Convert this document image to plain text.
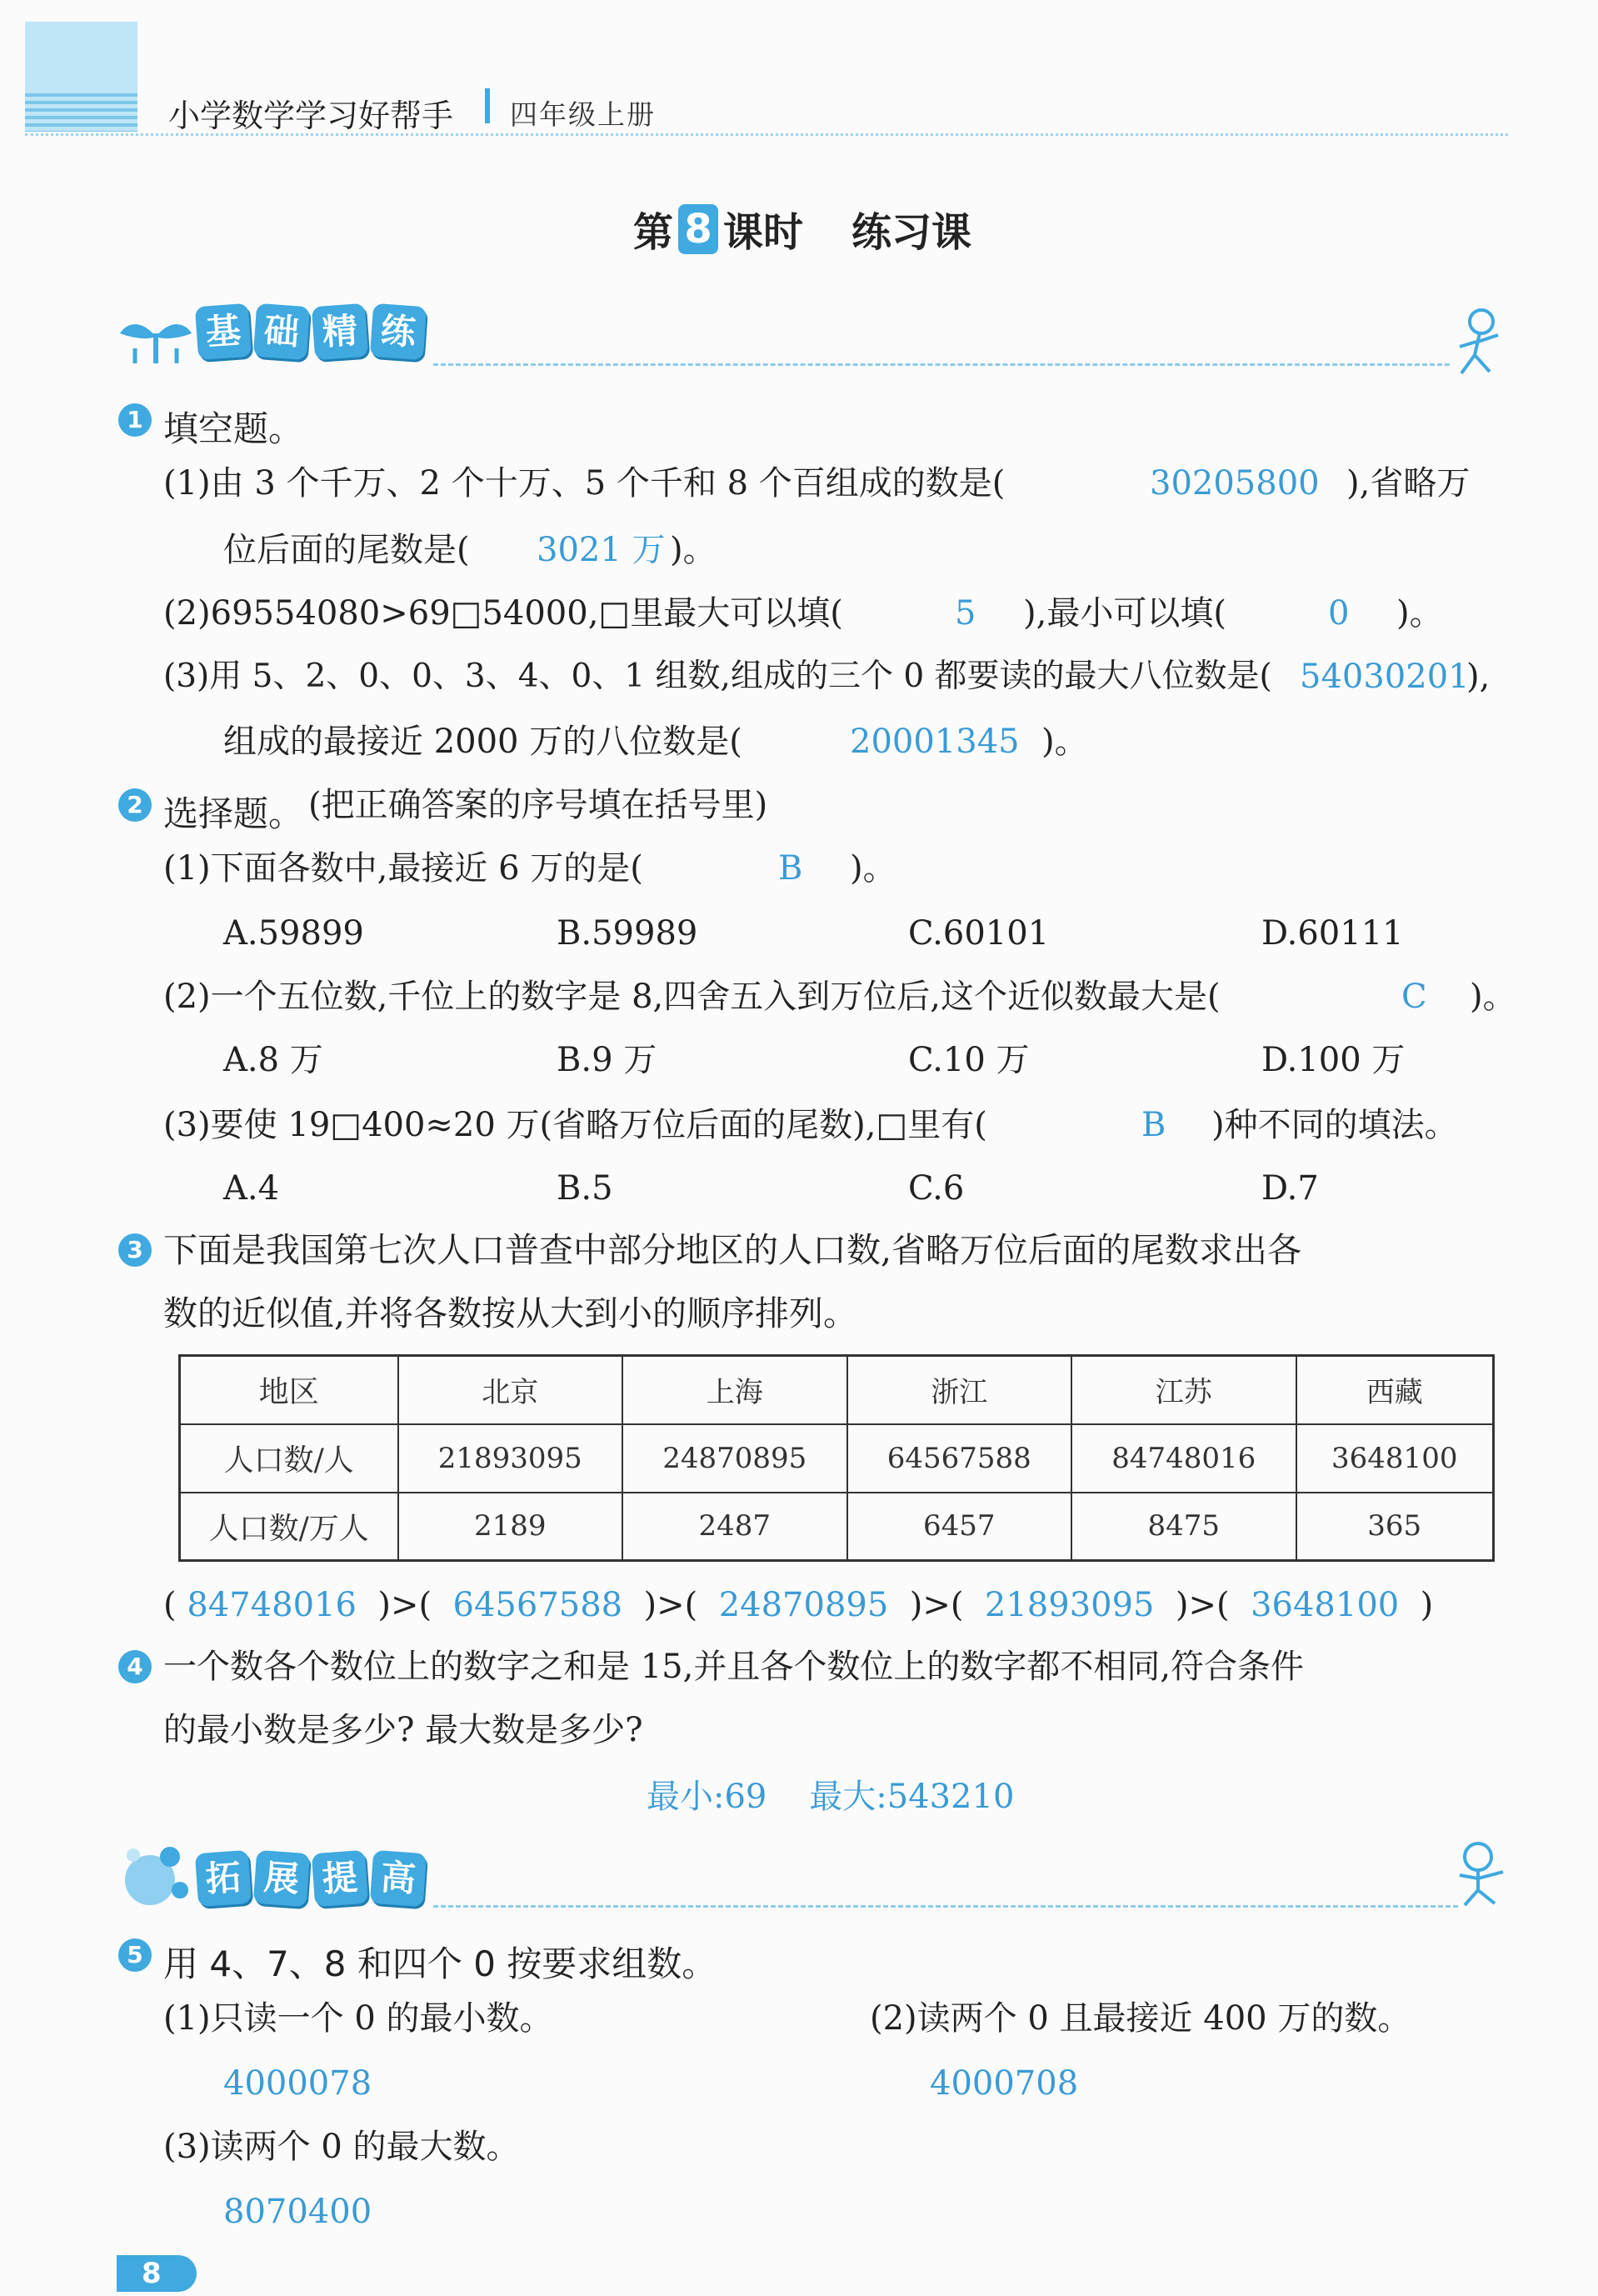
小学数学学习好帮手 四年级上册
第 8 课时 练习课
基 础 精 练
1 填空题。
(1)由 3 个千万、2 个十万、5 个千和 8 个百组成的数是(	30205800 ),省略万
位后面的尾数是( 3021 万 )。
(2)69554080>69□54000,□里最大可以填(	5 ),最小可以填(	0 )。
(3)用 5、2、0、0、3、4、0、1 组数,组成的三个 0 都要读的最大八位数是( 54030201
),
组成的最接近 2000 万的八位数是(	20001345 )。
2 选择题。 (把正确答案的序号填在括号里)
(1)下面各数中,最接近 6 万的是(	B )。
A.59899	B.59989	C.60101	D.60111
(2)一个五位数,千位上的数字是 8,四舍五入到万位后,这个近似数最大是(	C )。
A.8 万	B.9 万	C.10 万	D.100 万
(3)要使 19□400≈20 万(省略万位后面的尾数),□里有(	B )种不同的填法。
A.4	B.5	C.6	D.7
3 下面是我国第七次人口普查中部分地区的人口数,省略万位后面的尾数求出各
数的近似值,并将各数按从大到小的顺序排列。
地区	北京	上海	浙江	江苏	西藏
人口数/人	21893095	24870895	64567588	84748016	3648100
人口数/万人	2189	2487	6457	8475	365
( 84748016  )>(  64567588  )>(  24870895  )>(  21893095  )>(  3648100  )
4 一个数各个数位上的数字之和是 15,并且各个数位上的数字都不相同,符合条件
的最小数是多少? 最大数是多少?
最小:69    最大:543210
拓 展 提 高
5 用 4、7、8 和四个 0 按要求组数。
(1)只读一个 0 的最小数。
4000078
(2)读两个 0 且最接近 400 万的数。
4000708
(3)读两个 0 的最大数。
8070400
8
